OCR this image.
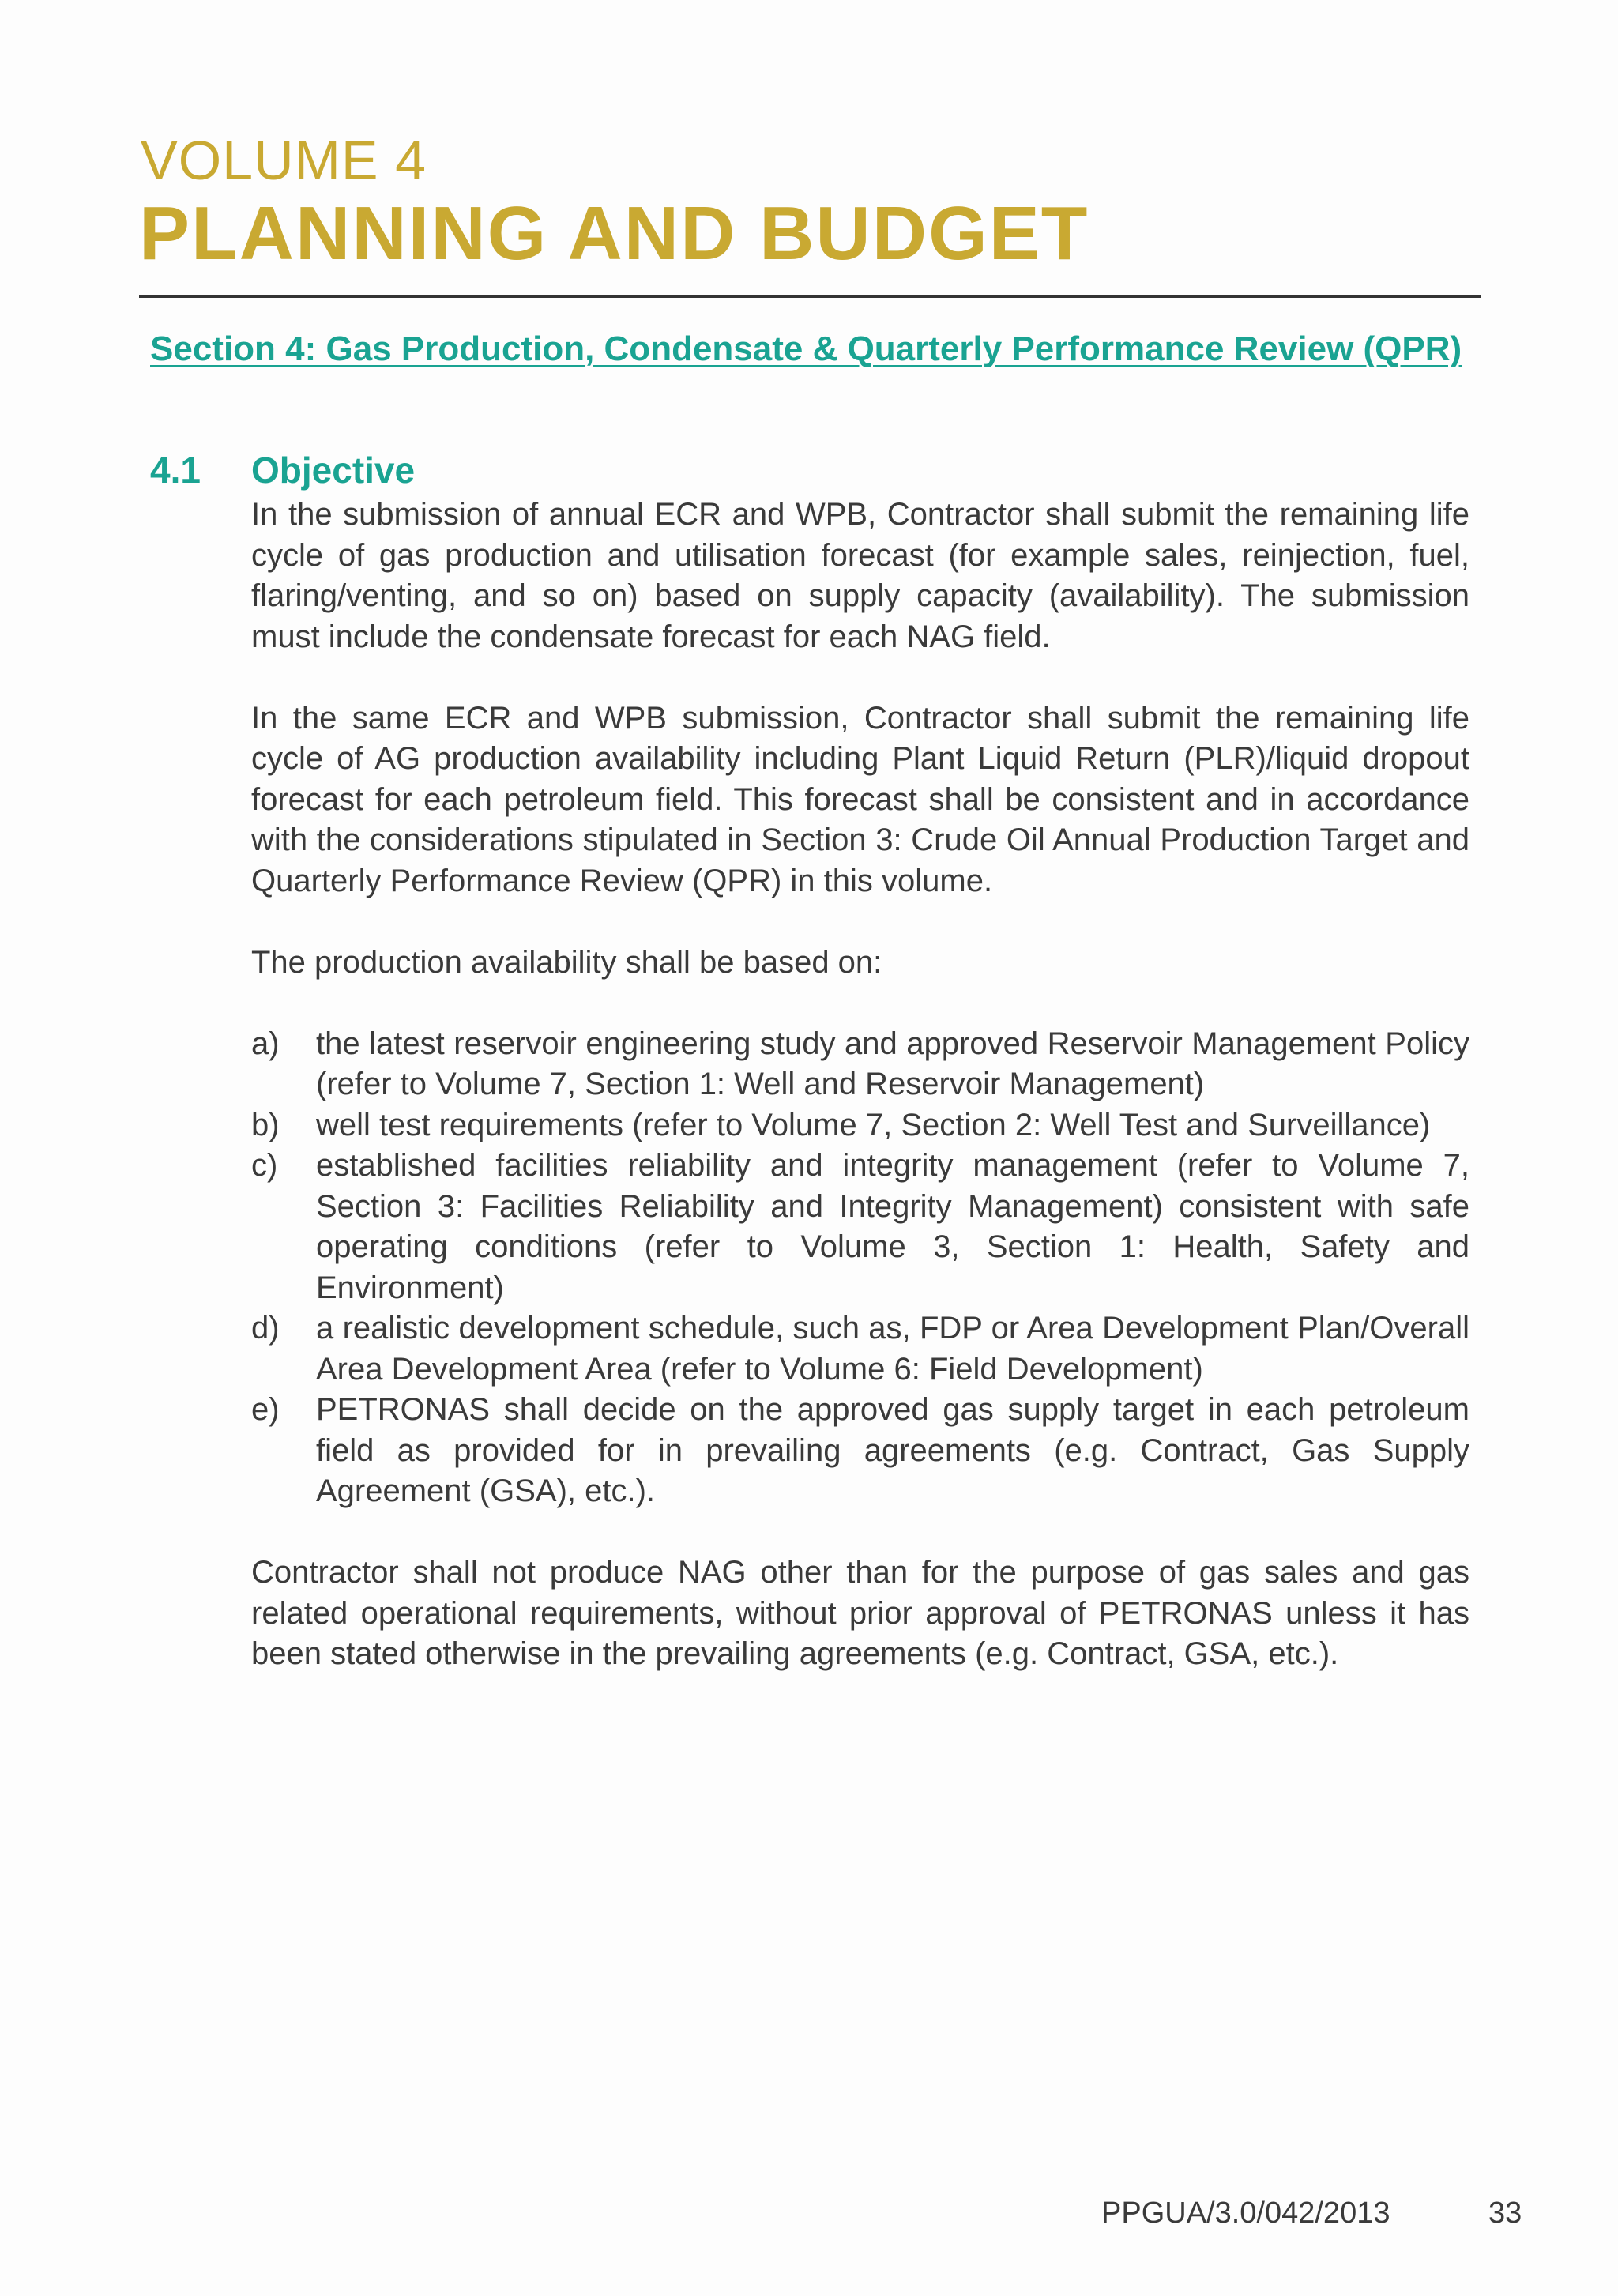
VOLUME 4
PLANNING AND BUDGET
Section 4: Gas Production, Condensate & Quarterly Performance Review (QPR)
4.1 Objective

In the submission of annual ECR and WPB, Contractor shall submit the remaining life cycle of gas production and utilisation forecast (for example sales, reinjection, fuel, flaring/venting, and so on) based on supply capacity (availability). The submission must include the condensate forecast for each NAG field.

In the same ECR and WPB submission, Contractor shall submit the remaining life cycle of AG production availability including Plant Liquid Return (PLR)/liquid dropout forecast for each petroleum field. This forecast shall be consistent and in accordance with the considerations stipulated in Section 3: Crude Oil Annual Production Target and Quarterly Performance Review (QPR) in this volume.

The production availability shall be based on:

a) the latest reservoir engineering study and approved Reservoir Management Policy (refer to Volume 7, Section 1: Well and Reservoir Management)
b) well test requirements (refer to Volume 7, Section 2: Well Test and Surveillance)
c) established facilities reliability and integrity management (refer to Volume 7, Section 3: Facilities Reliability and Integrity Management) consistent with safe operating conditions (refer to Volume 3, Section 1: Health, Safety and Environment)
d) a realistic development schedule, such as, FDP or Area Development Plan/Overall Area Development Area (refer to Volume 6: Field Development)
e) PETRONAS shall decide on the approved gas supply target in each petroleum field as provided for in prevailing agreements (e.g. Contract, Gas Supply Agreement (GSA), etc.).

Contractor shall not produce NAG other than for the purpose of gas sales and gas related operational requirements, without prior approval of PETRONAS unless it has been stated otherwise in the prevailing agreements (e.g. Contract, GSA, etc.).

PPGUA/3.0/042/2013	33
